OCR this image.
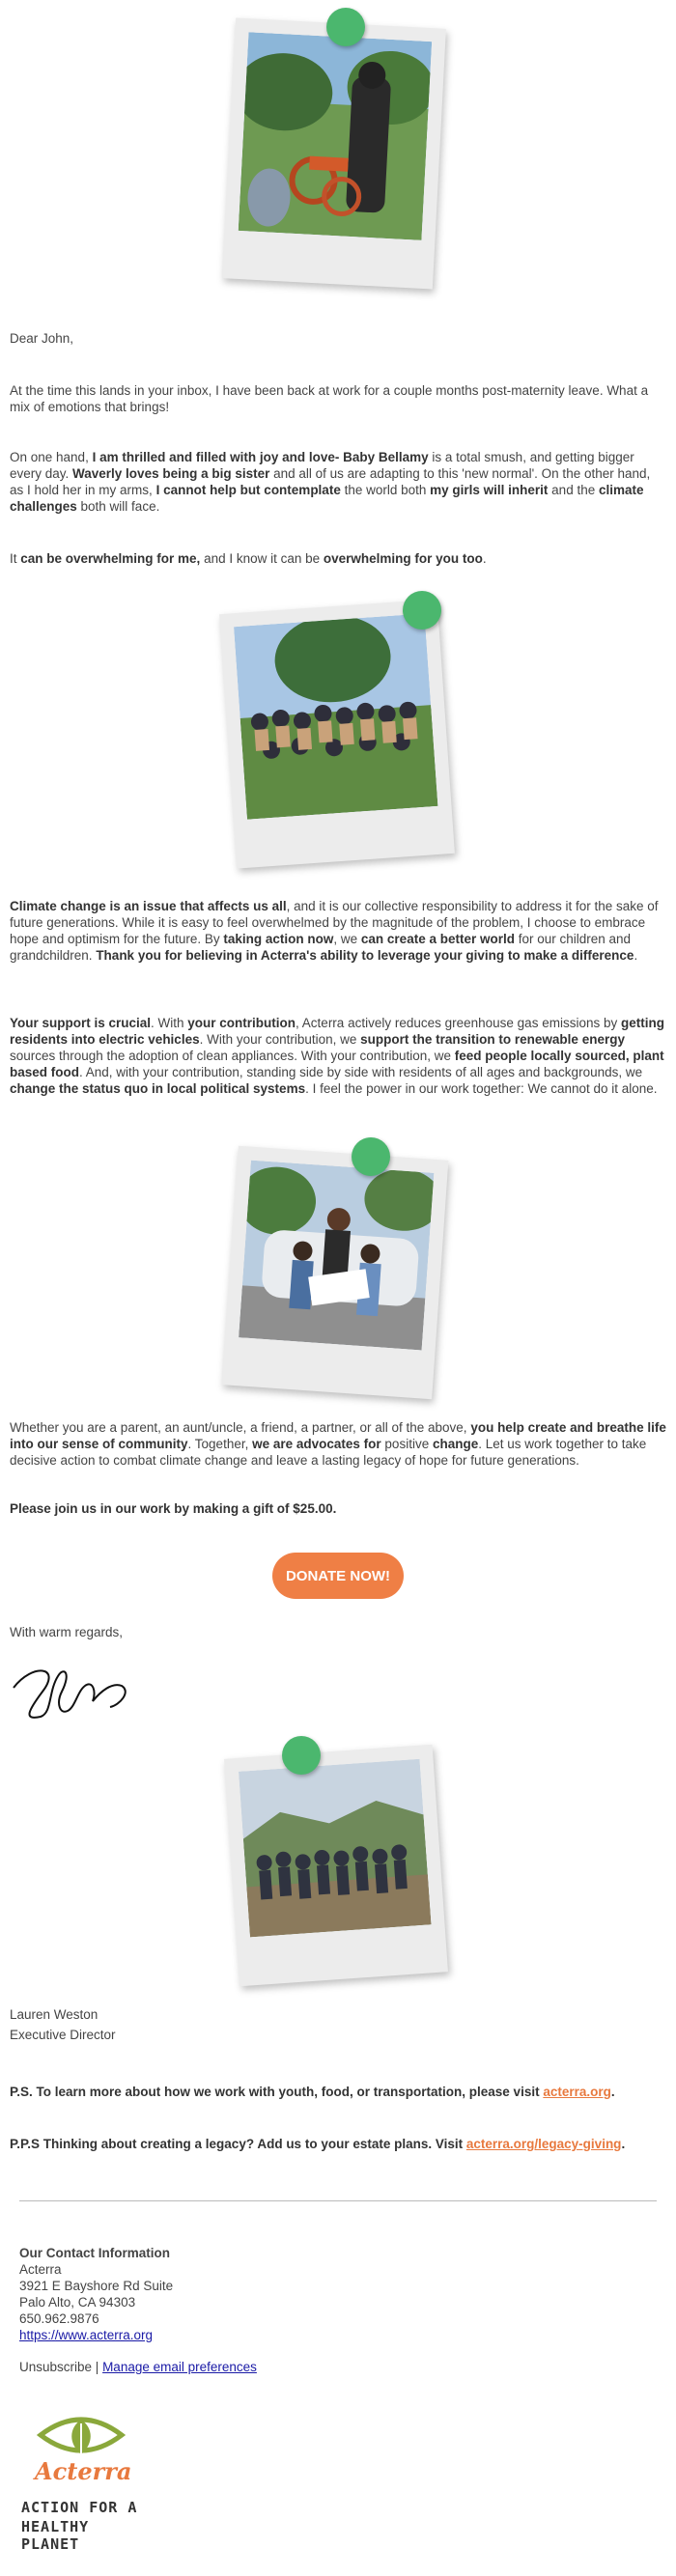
Dear John,

At the time this lands in your inbox, I have been back at work for a couple months post-maternity leave. What a mix of emotions that brings!

On one hand, I am thrilled and filled with joy and love- Baby Bellamy is a total smush, and getting bigger every day. Waverly loves being a big sister and all of us are adapting to this 'new normal'. On the other hand, as I hold her in my arms, I cannot help but contemplate the world both my girls will inherit and the climate challenges both will face.

It can be overwhelming for me, and I know it can be overwhelming for you too.

Climate change is an issue that affects us all, and it is our collective responsibility to address it for the sake of future generations. While it is easy to feel overwhelmed by the magnitude of the problem, I choose to embrace hope and optimism for the future. By taking action now, we can create a better world for our children and grandchildren. Thank you for believing in Acterra's ability to leverage your giving to make a difference.

Your support is crucial. With your contribution, Acterra actively reduces greenhouse gas emissions by getting residents into electric vehicles. With your contribution, we support the transition to renewable energy sources through the adoption of clean appliances. With your contribution, we feed people locally sourced, plant based food. And, with your contribution, standing side by side with residents of all ages and backgrounds, we change the status quo in local political systems. I feel the power in our work together: We cannot do it alone.

Whether you are a parent, an aunt/uncle, a friend, a partner, or all of the above, you help create and breathe life into our sense of community. Together, we are advocates for positive change. Let us work together to take decisive action to combat climate change and leave a lasting legacy of hope for future generations.

Please join us in our work by making a gift of $25.00.

DONATE NOW!

With warm regards,

Lauren Weston

Executive Director

P.S. To learn more about how we work with youth, food, or transportation, please visit acterra.org.

P.P.S Thinking about creating a legacy? Add us to your estate plans. Visit acterra.org/legacy-giving.

Our Contact Information

Acterra

3921 E Bayshore Rd Suite

Palo Alto, CA 94303

650.962.9876

https://www.acterra.org

Unsubscribe | Manage email preferences

Acterra
ACTION FOR A
HEALTHY PLANET
